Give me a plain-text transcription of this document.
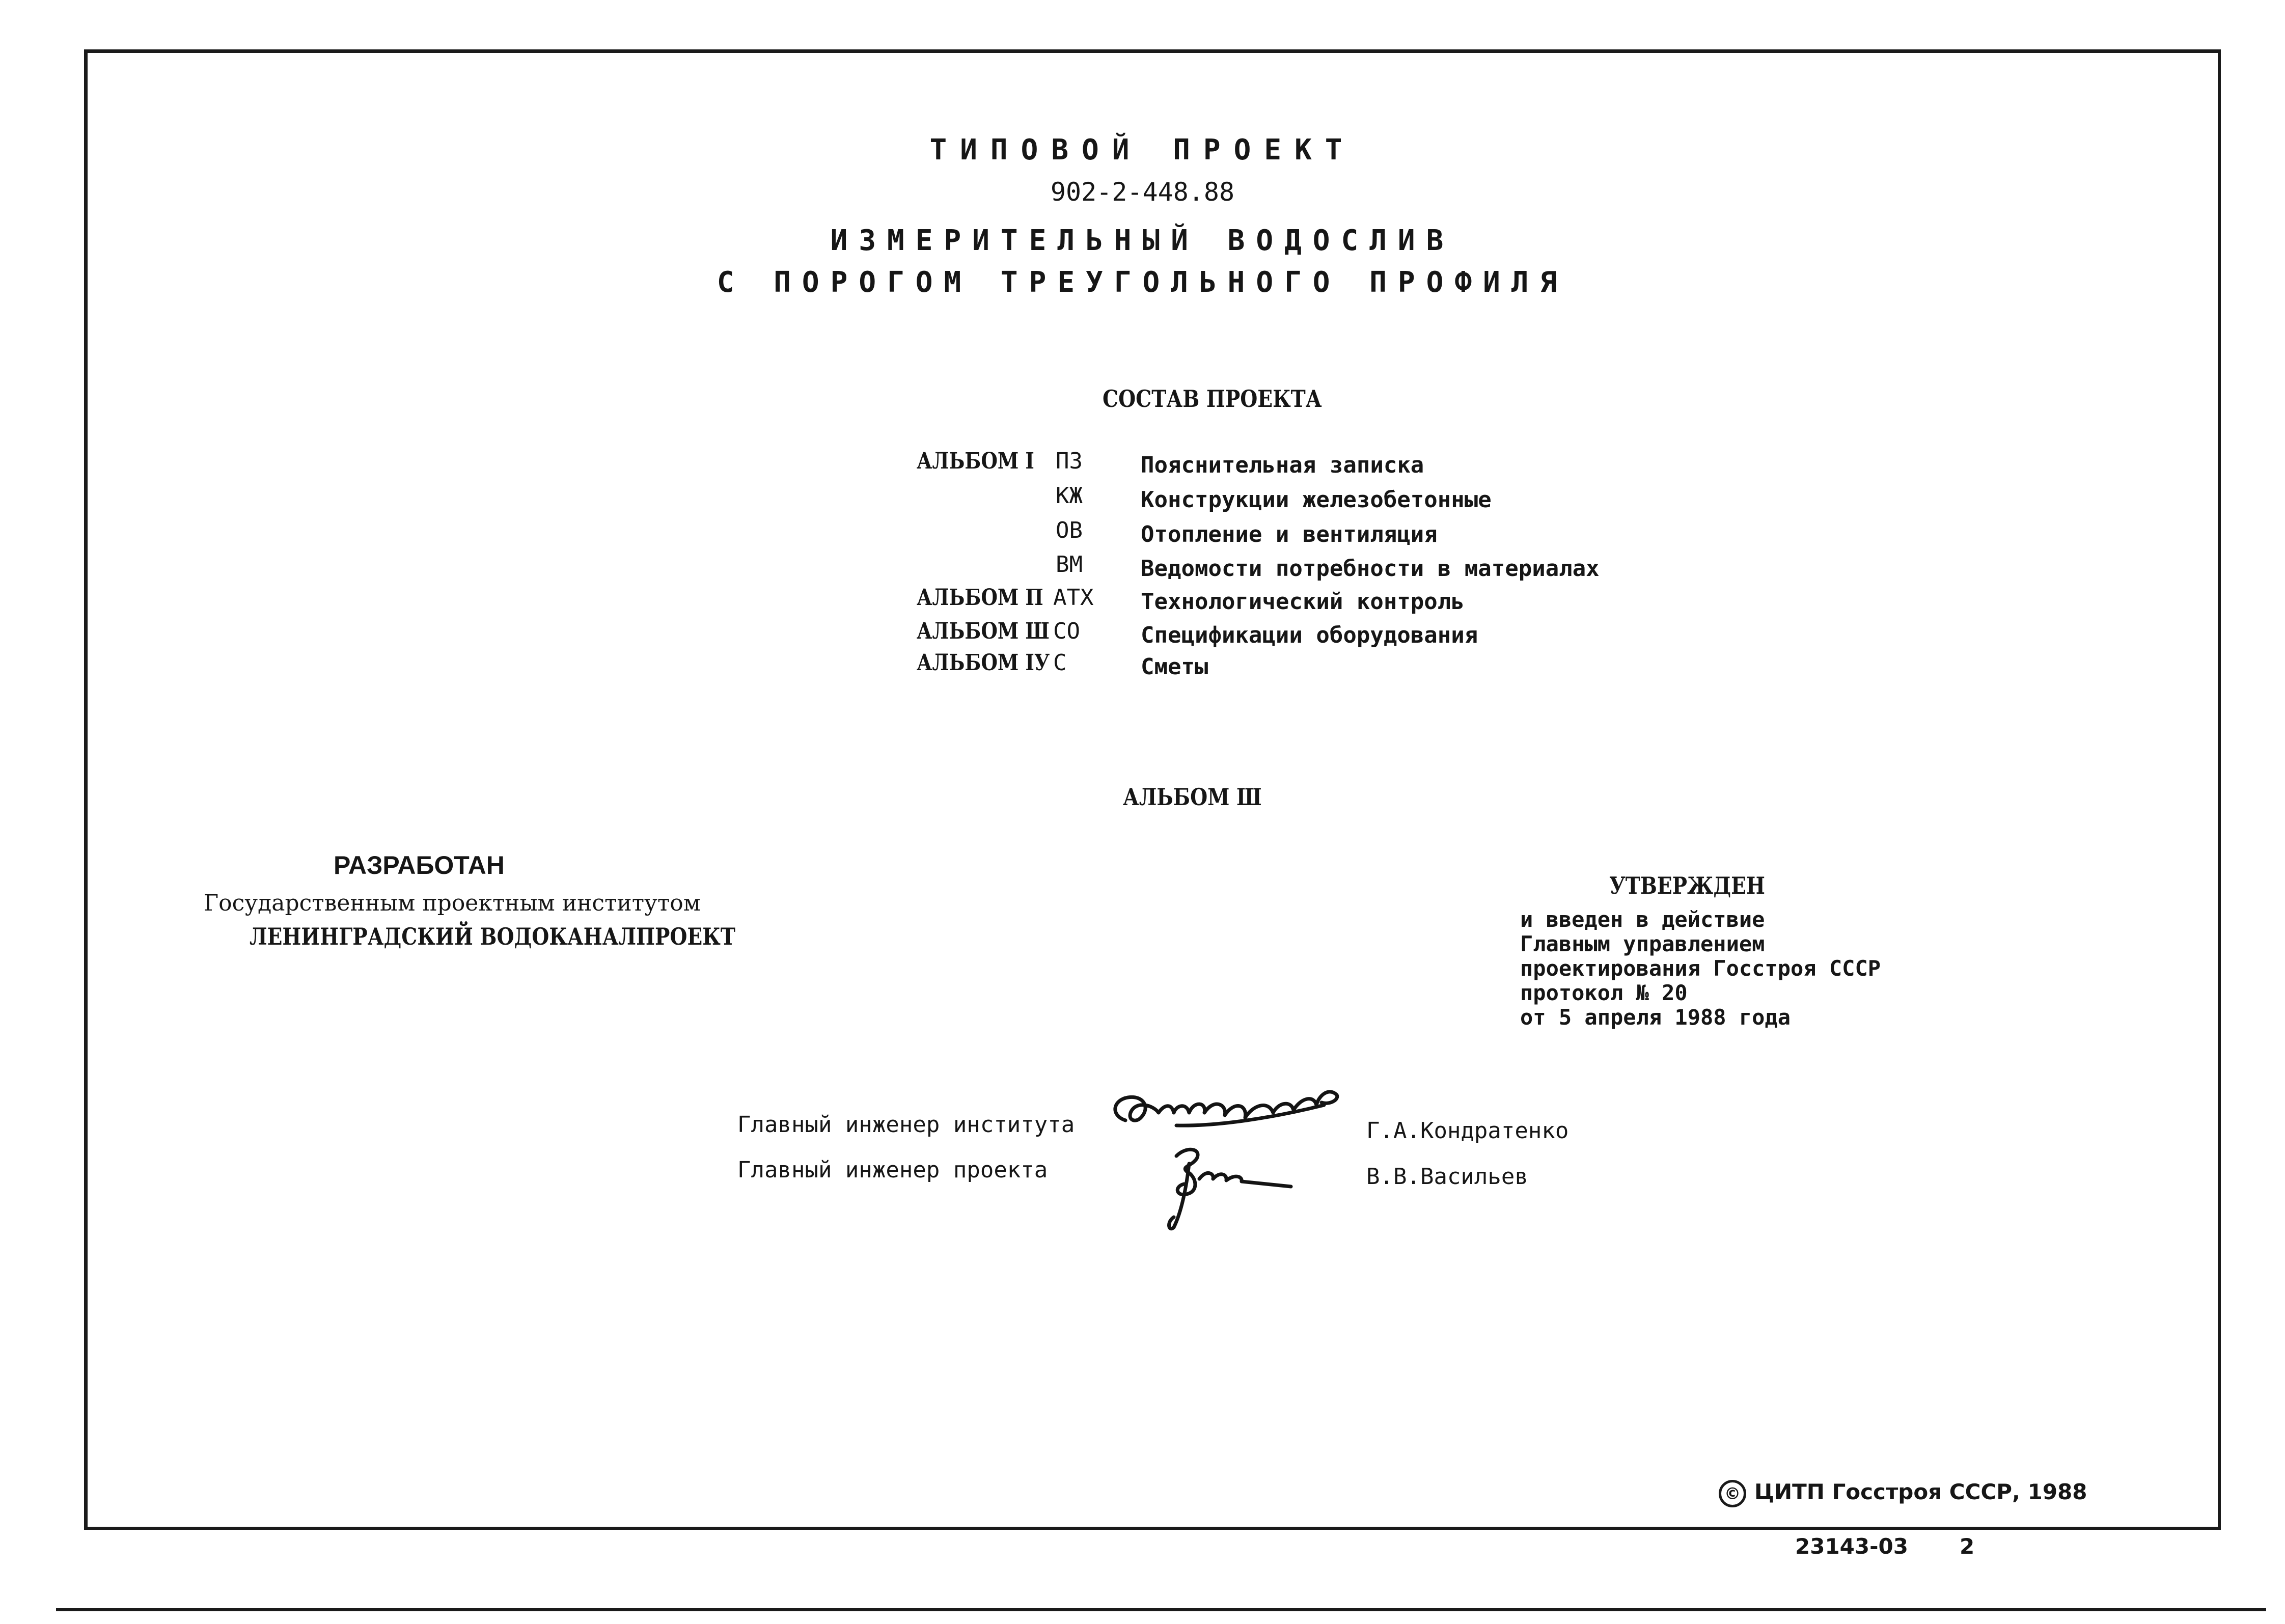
ТИПОВОЙ ПРОЕКТ
902-2-448.88
ИЗМЕРИТЕЛЬНЫЙ ВОДОСЛИВ
С ПОРОГОМ ТРЕУГОЛЬНОГО ПРОФИЛЯ
СОСТАВ ПРОЕКТА
АЛЬБОМ I ПЗ	Пояснительная записка
КЖ	Конструкции железобетонные
ОВ	Отопление и вентиляция
ВМ	Ведомости потребности в материалах
АЛЬБОМ П АТХ Технологический контроль
АЛЬБОМ Ш СО	Спецификации оборудования
АЛЬБОМ IУ С	Сметы
АЛЬБОМ Ш
РАЗРАБОТАН
Государственным проектным институтом
ЛЕНИНГРАДСКИЙ ВОДОКАНАЛПРОЕКТ
УТВЕРЖДЕН
и введен в действие
Главным управлением
проектирования Госстроя СССР
протокол № 20
от 5 апреля 1988 года
Главный инженер института
Главный инженер проекта
Г.А.Кондратенко
В.В.Васильев
© ЦИТП Госстроя СССР, 1988
23143-03 2
